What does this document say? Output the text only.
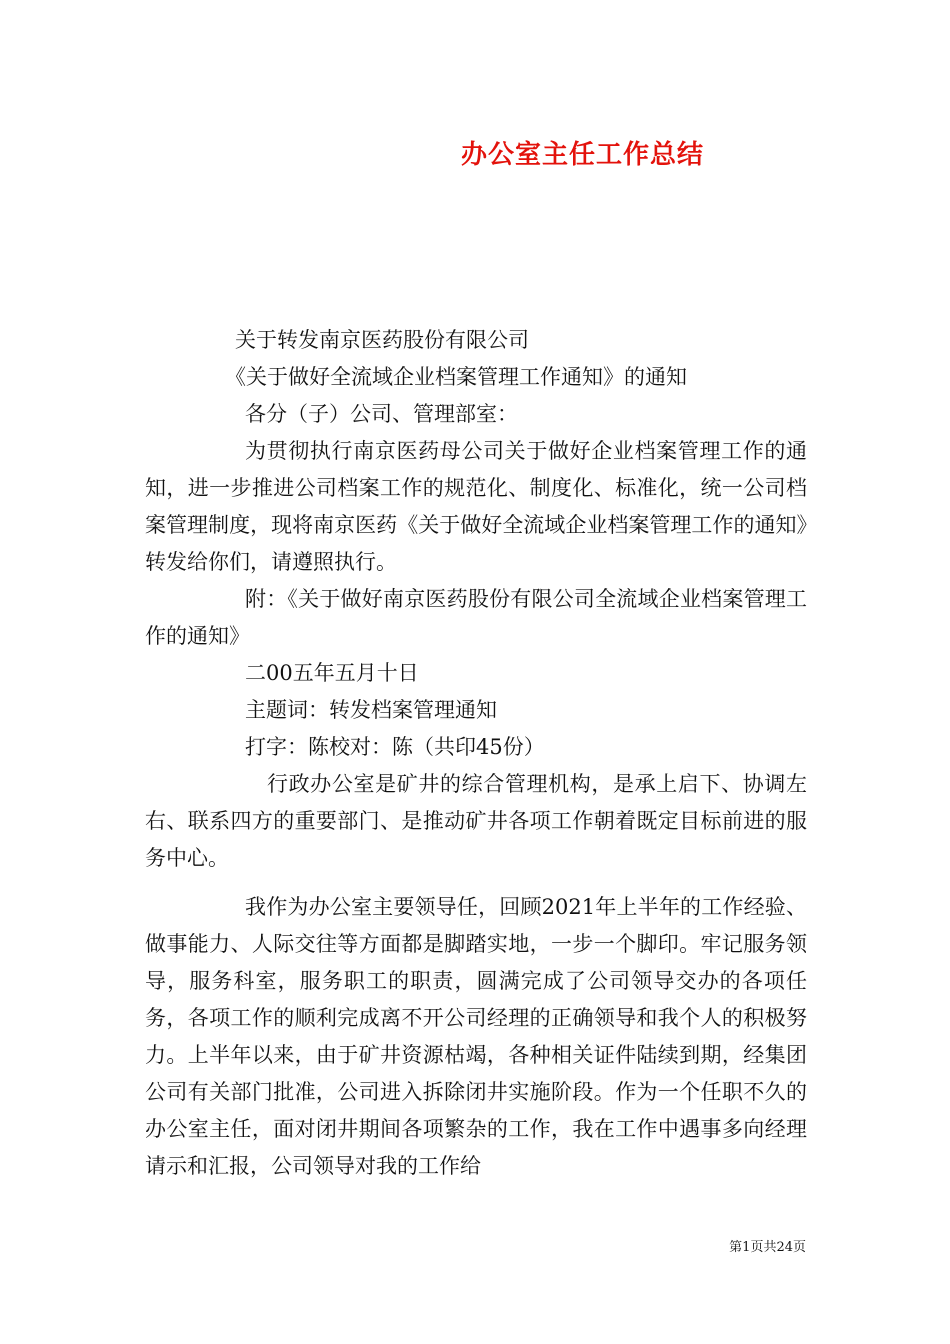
办公室主任工作总结

关于转发南京医药股份有限公司

《关于做好全流域企业档案管理工作通知》的通知

各分（子）公司、管理部室：

为贯彻执行南京医药母公司关于做好企业档案管理工作的通知，进一步推进公司档案工作的规范化、制度化、标准化，统一公司档案管理制度，现将南京医药《关于做好全流域企业档案管理工作的通知》转发给你们，请遵照执行。

附：《关于做好南京医药股份有限公司全流域企业档案管理工作的通知》

二00五年五月十日

主题词：转发档案管理通知

打字：陈校对：陈（共印45份）

行政办公室是矿井的综合管理机构，是承上启下、协调左右、联系四方的重要部门、是推动矿井各项工作朝着既定目标前进的服务中心。

我作为办公室主要领导任，回顾2021年上半年的工作经验、做事能力、人际交往等方面都是脚踏实地，一步一个脚印。牢记服务领导，服务科室，服务职工的职责，圆满完成了公司领导交办的各项任务，各项工作的顺利完成离不开公司经理的正确领导和我个人的积极努力。上半年以来，由于矿井资源枯竭，各种相关证件陆续到期，经集团公司有关部门批准，公司进入拆除闭井实施阶段。作为一个任职不久的办公室主任，面对闭井期间各项繁杂的工作，我在工作中遇事多向经理请示和汇报，公司领导对我的工作给

第1页共24页
